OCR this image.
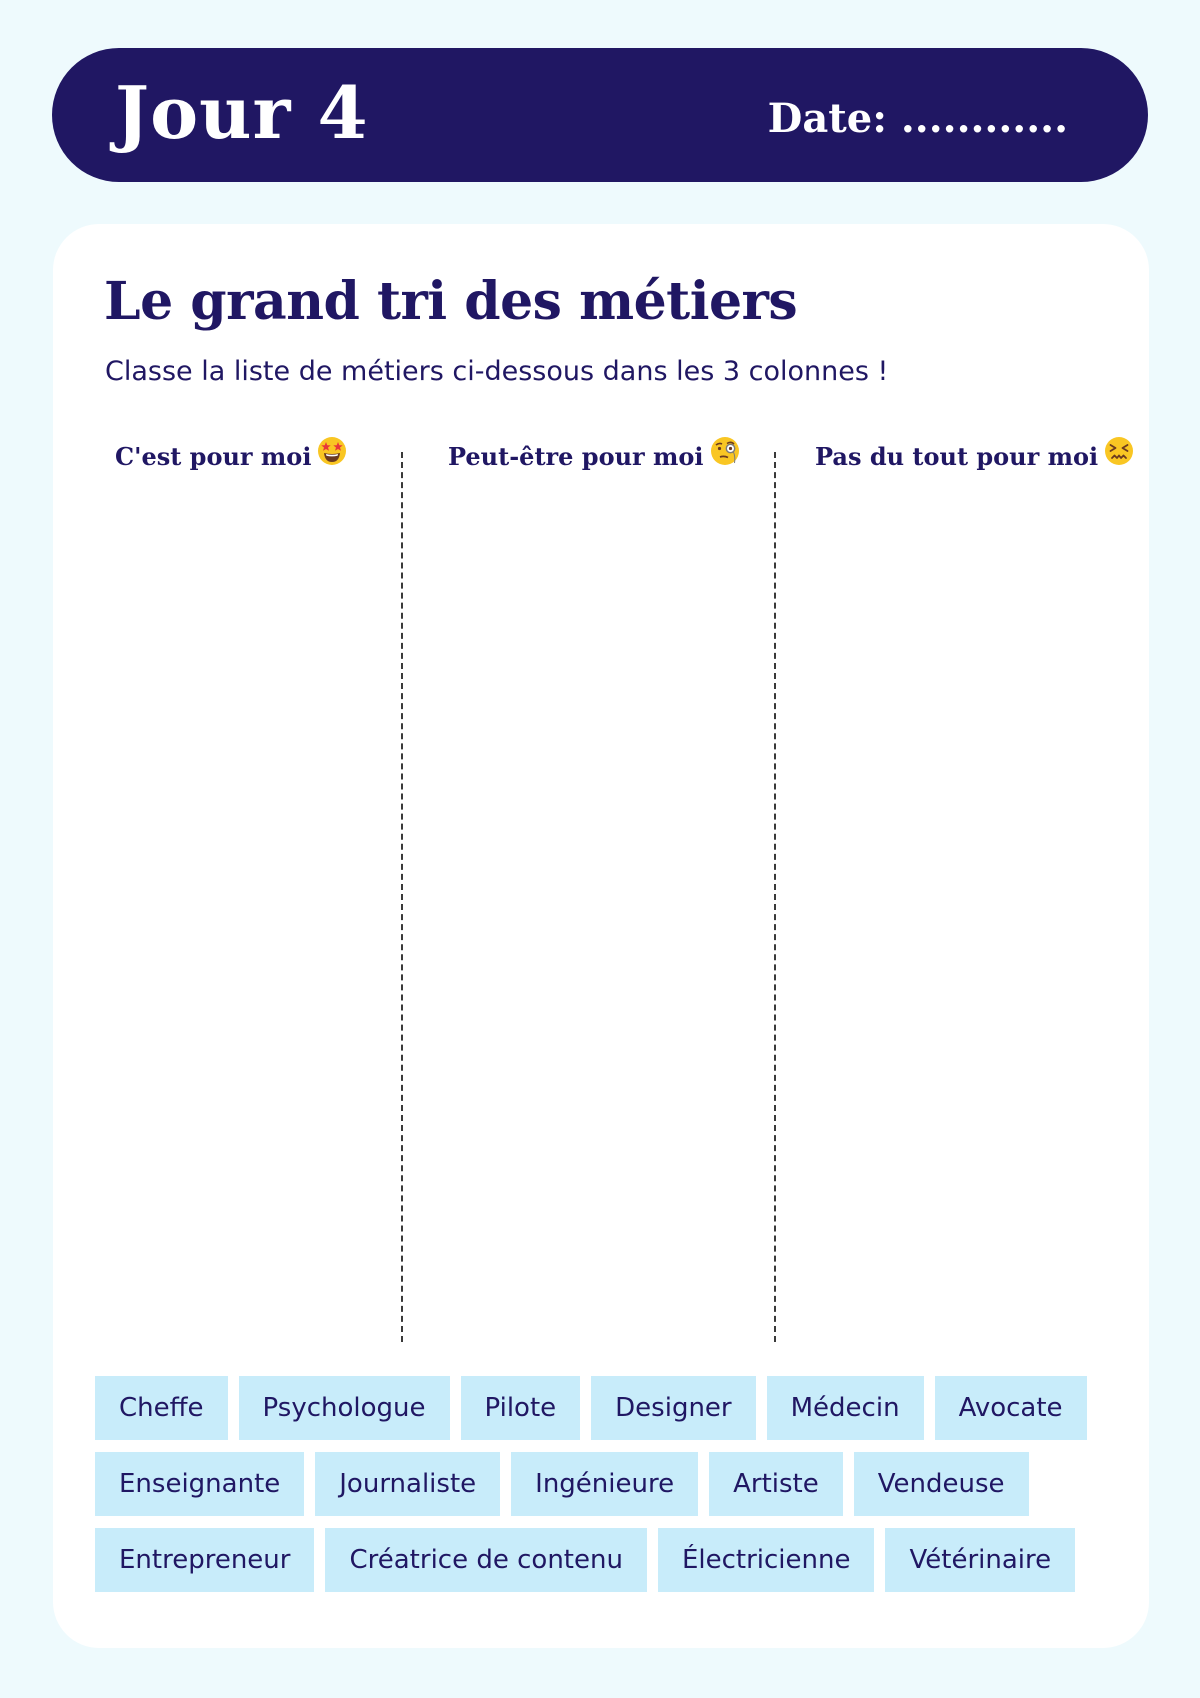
Jour 4	Date: ............
Le grand tri des métiers

Classe la liste de métiers ci-dessous dans les 3 colonnes !

C'est pour moi	Peut-être pour moi	Pas du tout pour moi
Cheffe	Psychologue	Pilote	Designer	Médecin	Avocate
Enseignante	Journaliste	Ingénieure	Artiste	Vendeuse
Entrepreneur	Créatrice de contenu	Électricienne	Vétérinaire
